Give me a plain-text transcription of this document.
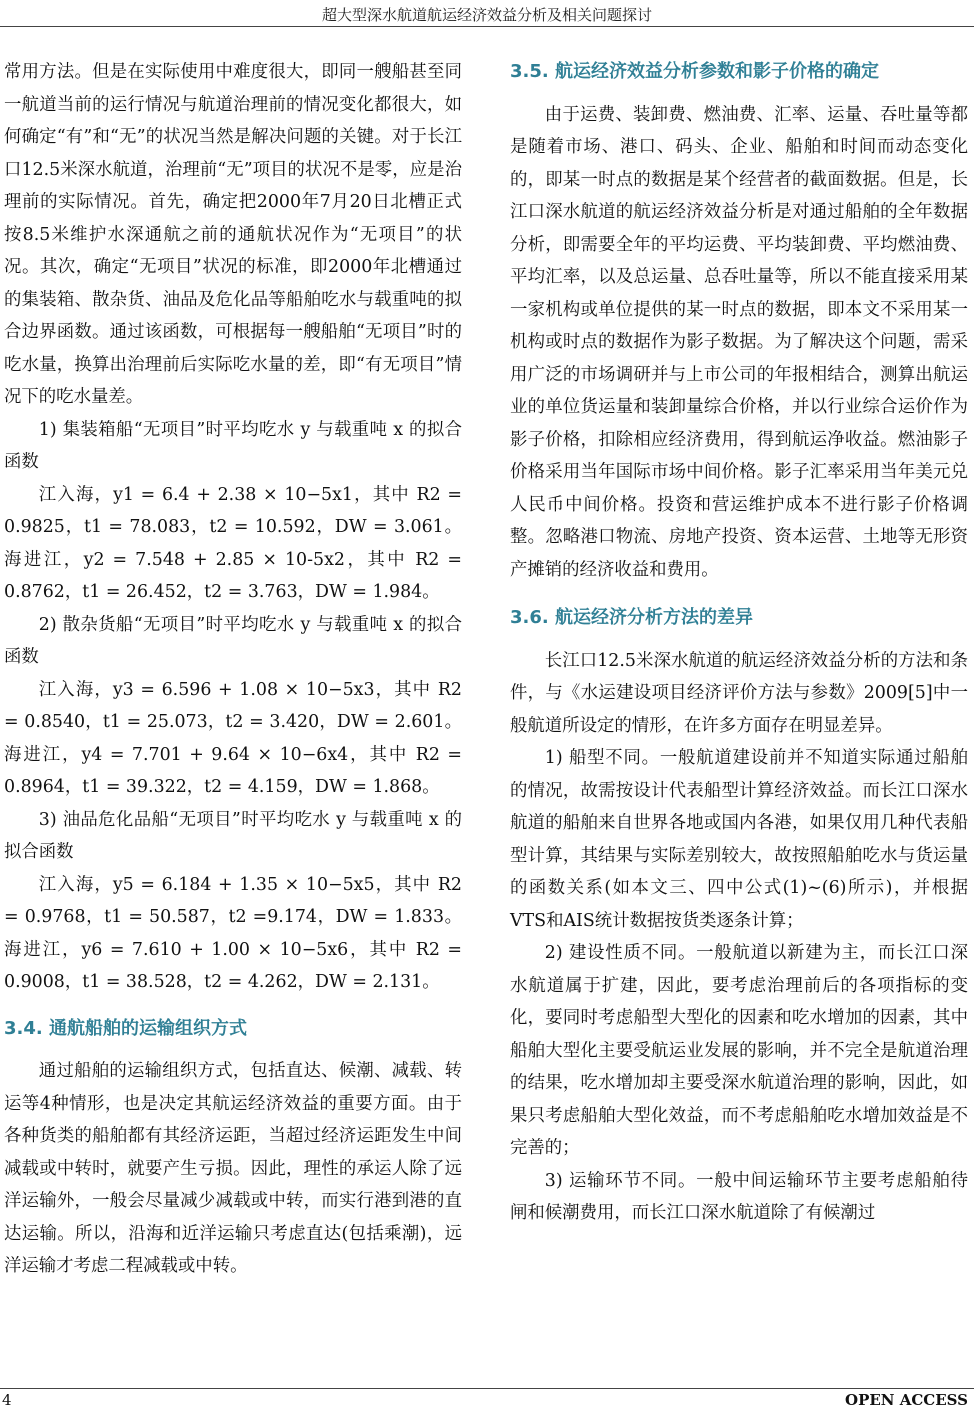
超大型深水航道航运经济效益分析及相关问题探讨

常用方法。但是在实际使用中难度很大，即同一艘船甚至同一航道当前的运行情况与航道治理前的情况变化都很大，如何确定“有”和“无”的状况当然是解决问题的关键。对于长江口12.5米深水航道，治理前“无”项目的状况不是零，应是治理前的实际情况。首先，确定把2000年7月20日北槽正式按8.5米维护水深通航之前的通航状况作为“无项目”的状况。其次，确定“无项目”状况的标准，即2000年北槽通过的集装箱、散杂货、油品及危化品等船舶吃水与载重吨的拟合边界函数。通过该函数，可根据每一艘船舶“无项目”时的吃水量，换算出治理前后实际吃水量的差，即“有无项目”情况下的吃水量差。

1) 集装箱船“无项目”时平均吃水 y 与载重吨 x 的拟合函数

江入海，y1 = 6.4 + 2.38 × 10−5x1，其中 R2 = 0.9825，t1 = 78.083，t2 = 10.592，DW = 3.061。海进江，y2 = 7.548 + 2.85 × 10-5x2，其中 R2 = 0.8762，t1 = 26.452，t2 = 3.763，DW = 1.984。

2) 散杂货船“无项目”时平均吃水 y 与载重吨 x 的拟合函数

江入海，y3 = 6.596 + 1.08 × 10−5x3，其中 R2 = 0.8540，t1 = 25.073，t2 = 3.420，DW = 2.601。海进江，y4 = 7.701 + 9.64 × 10−6x4，其中 R2 = 0.8964，t1 = 39.322，t2 = 4.159，DW = 1.868。

3) 油品危化品船“无项目”时平均吃水 y 与载重吨 x 的拟合函数

江入海，y5 = 6.184 + 1.35 × 10−5x5，其中 R2 = 0.9768，t1 = 50.587，t2 =9.174，DW = 1.833。海进江，y6 = 7.610 + 1.00 × 10−5x6，其中 R2 = 0.9008，t1 = 38.528，t2 = 4.262，DW = 2.131。

3.4. 通航船舶的运输组织方式

通过船舶的运输组织方式，包括直达、候潮、减载、转运等4种情形，也是决定其航运经济效益的重要方面。由于各种货类的船舶都有其经济运距，当超过经济运距发生中间减载或中转时，就要产生亏损。因此，理性的承运人除了远洋运输外，一般会尽量减少减载或中转，而实行港到港的直达运输。所以，沿海和近洋运输只考虑直达(包括乘潮)，远洋运输才考虑二程减载或中转。

3.5. 航运经济效益分析参数和影子价格的确定

由于运费、装卸费、燃油费、汇率、运量、吞吐量等都是随着市场、港口、码头、企业、船舶和时间而动态变化的，即某一时点的数据是某个经营者的截面数据。但是，长江口深水航道的航运经济效益分析是对通过船舶的全年数据分析，即需要全年的平均运费、平均装卸费、平均燃油费、平均汇率，以及总运量、总吞吐量等，所以不能直接采用某一家机构或单位提供的某一时点的数据，即本文不采用某一机构或时点的数据作为影子数据。为了解决这个问题，需采用广泛的市场调研并与上市公司的年报相结合，测算出航运业的单位货运量和装卸量综合价格，并以行业综合运价作为影子价格，扣除相应经济费用，得到航运净收益。燃油影子价格采用当年国际市场中间价格。影子汇率采用当年美元兑人民币中间价格。投资和营运维护成本不进行影子价格调整。忽略港口物流、房地产投资、资本运营、土地等无形资产摊销的经济收益和费用。

3.6. 航运经济分析方法的差异

长江口12.5米深水航道的航运经济效益分析的方法和条件，与《水运建设项目经济评价方法与参数》2009[5]中一般航道所设定的情形，在许多方面存在明显差异。

1) 船型不同。一般航道建设前并不知道实际通过船舶的情况，故需按设计代表船型计算经济效益。而长江口深水航道的船舶来自世界各地或国内各港，如果仅用几种代表船型计算，其结果与实际差别较大，故按照船舶吃水与货运量的函数关系(如本文三、四中公式(1)~(6)所示)，并根据VTS和AIS统计数据按货类逐条计算；

2) 建设性质不同。一般航道以新建为主，而长江口深水航道属于扩建，因此，要考虑治理前后的各项指标的变化，要同时考虑船型大型化的因素和吃水增加的因素，其中船舶大型化主要受航运业发展的影响，并不完全是航道治理的结果，吃水增加却主要受深水航道治理的影响，因此，如果只考虑船舶大型化效益，而不考虑船舶吃水增加效益是不完善的；

3) 运输环节不同。一般中间运输环节主要考虑船舶待闸和候潮费用，而长江口深水航道除了有候潮过

4	OPEN ACCESS
